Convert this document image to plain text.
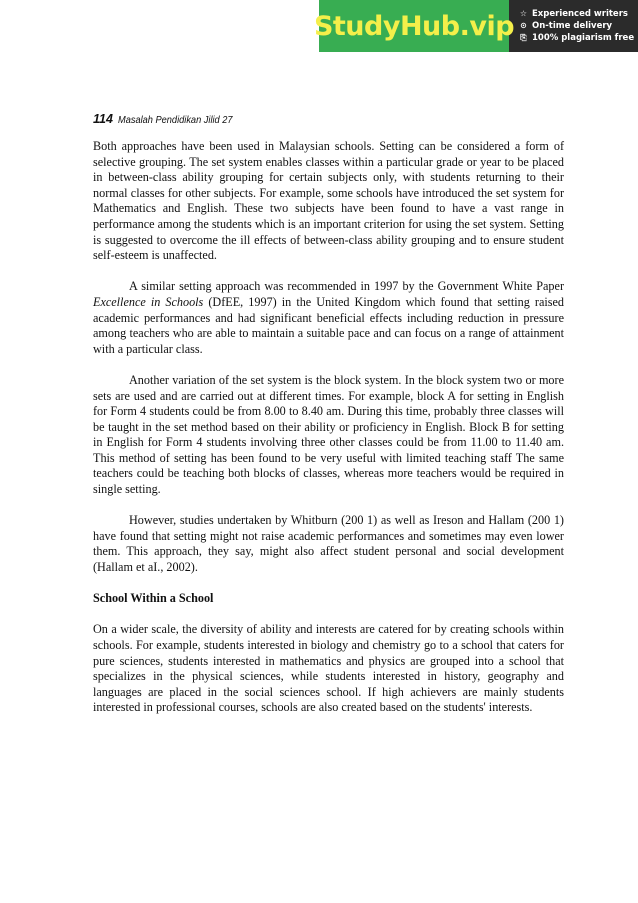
StudyHub.vip ☆ Experienced writers
⊙ On-time delivery
⎘ 100% plagiarism free
114 Masalah Pendidikan Jilid 27

Both approaches have been used in Malaysian schools. Setting can be considered a form of selective grouping. The set system enables classes within a particular grade or year to be placed in between-class ability grouping for certain subjects only, with students returning to their normal classes for other subjects. For example, some schools have introduced the set system for Mathematics and English. These two subjects have been found to have a vast range in performance among the students which is an important criterion for using the set system. Setting is suggested to overcome the ill effects of between-class ability grouping and to ensure student self-esteem is unaffected.

A similar setting approach was recommended in 1997 by the Government White Paper Excellence in Schools (DfEE, 1997) in the United Kingdom which found that setting raised academic performances and had significant beneficial effects including reduction in pressure among teachers who are able to maintain a suitable pace and can focus on a range of attainment with a particular class.

Another variation of the set system is the block system. In the block system two or more sets are used and are carried out at different times. For example, block A for setting in English for Form 4 students could be from 8.00 to 8.40 am. During this time, probably three classes will be taught in the set method based on their ability or proficiency in English. Block B for setting in English for Form 4 students involving three other classes could be from 11.00 to 11.40 am. This method of setting has been found to be very useful with limited teaching staff The same teachers could be teaching both blocks of classes, whereas more teachers would be required in single setting.

However, studies undertaken by Whitburn (200 1) as well as Ireson and Hallam (200 1) have found that setting might not raise academic performances and sometimes may even lower them. This approach, they say, might also affect student personal and social development (Hallam et aI., 2002).

School Within a School

On a wider scale, the diversity of ability and interests are catered for by creating schools within schools. For example, students interested in biology and chemistry go to a school that caters for pure sciences, students interested in mathematics and physics are grouped into a school that specializes in the physical sciences, while students interested in history, geography and languages are placed in the social sciences school. If high achievers are mainly students interested in professional courses, schools are also created based on the students' interests.
